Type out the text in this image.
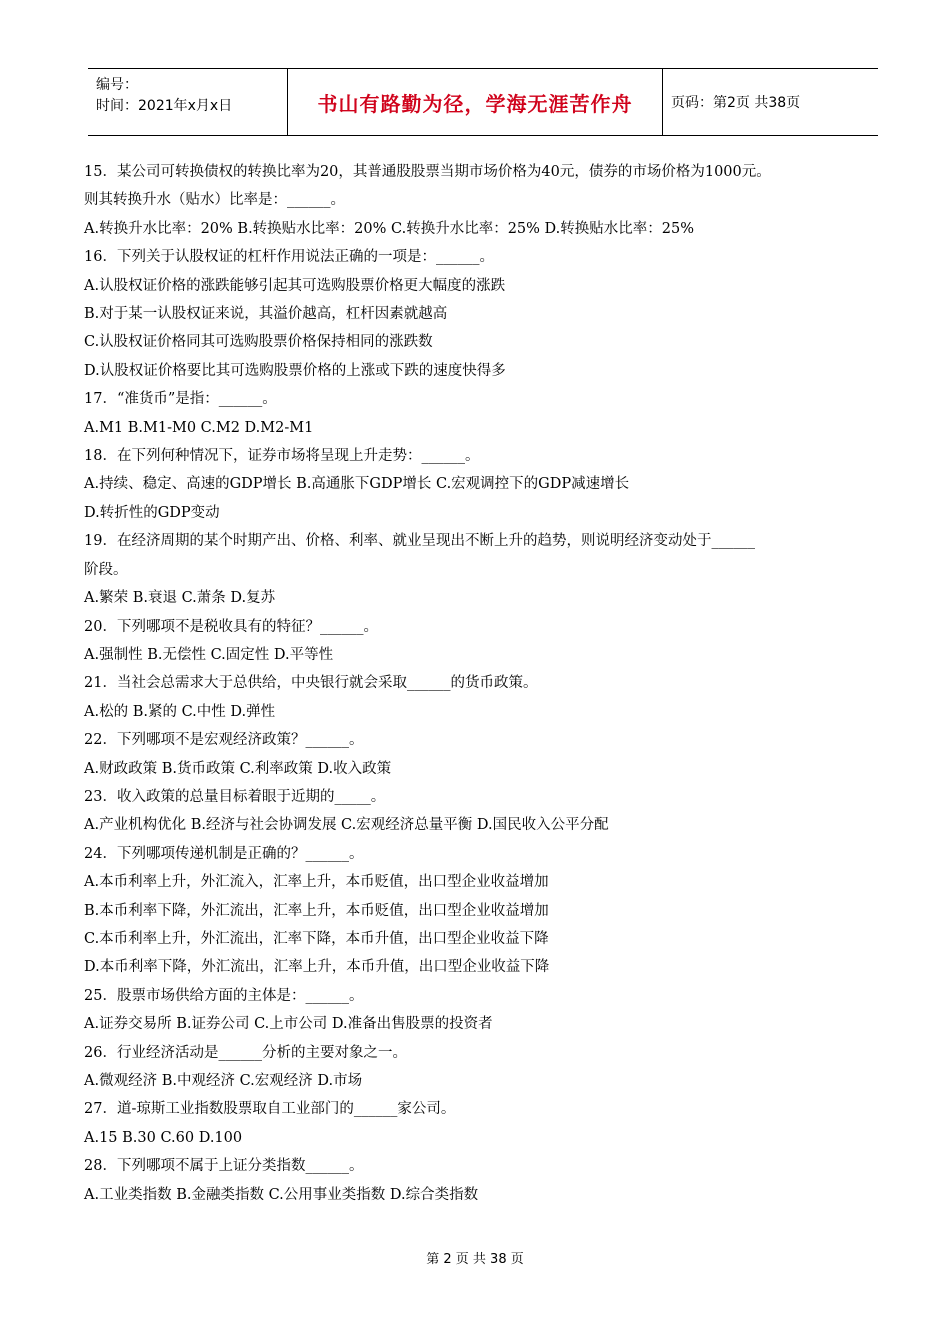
编号：
时间：2021年x月x日	书山有路勤为径，学海无涯苦作舟	页码：第2页 共38页
15．某公司可转换债权的转换比率为20，其普通股股票当期市场价格为40元，债券的市场价格为1000元。
则其转换升水（贴水）比率是：______。
A.转换升水比率：20% B.转换贴水比率：20% C.转换升水比率：25% D.转换贴水比率：25%
16．下列关于认股权证的杠杆作用说法正确的一项是：______。
A.认股权证价格的涨跌能够引起其可选购股票价格更大幅度的涨跌
B.对于某一认股权证来说，其溢价越高，杠杆因素就越高
C.认股权证价格同其可选购股票价格保持相同的涨跌数
D.认股权证价格要比其可选购股票价格的上涨或下跌的速度快得多
17．“准货币”是指：______。
A.M1 B.M1-M0 C.M2 D.M2-M1
18．在下列何种情况下，证券市场将呈现上升走势：______。
A.持续、稳定、高速的GDP增长 B.高通胀下GDP增长 C.宏观调控下的GDP减速增长
D.转折性的GDP变动
19．在经济周期的某个时期产出、价格、利率、就业呈现出不断上升的趋势，则说明经济变动处于______
阶段。
A.繁荣 B.衰退 C.萧条 D.复苏
20．下列哪项不是税收具有的特征？______。
A.强制性 B.无偿性 C.固定性 D.平等性
21．当社会总需求大于总供给，中央银行就会采取______的货币政策。
A.松的 B.紧的 C.中性 D.弹性
22．下列哪项不是宏观经济政策？______。
A.财政政策 B.货币政策 C.利率政策 D.收入政策
23．收入政策的总量目标着眼于近期的_____。
A.产业机构优化 B.经济与社会协调发展 C.宏观经济总量平衡 D.国民收入公平分配
24．下列哪项传递机制是正确的？______。
A.本币利率上升，外汇流入，汇率上升，本币贬值，出口型企业收益增加
B.本币利率下降，外汇流出，汇率上升，本币贬值，出口型企业收益增加
C.本币利率上升，外汇流出，汇率下降，本币升值，出口型企业收益下降
D.本币利率下降，外汇流出，汇率上升，本币升值，出口型企业收益下降
25．股票市场供给方面的主体是：______。
A.证券交易所 B.证券公司 C.上市公司 D.准备出售股票的投资者
26．行业经济活动是______分析的主要对象之一。
A.微观经济 B.中观经济 C.宏观经济 D.市场
27．道-琼斯工业指数股票取自工业部门的______家公司。
A.15 B.30 C.60 D.100
28．下列哪项不属于上证分类指数______。
A.工业类指数 B.金融类指数 C.公用事业类指数 D.综合类指数
第 2 页 共 38 页
